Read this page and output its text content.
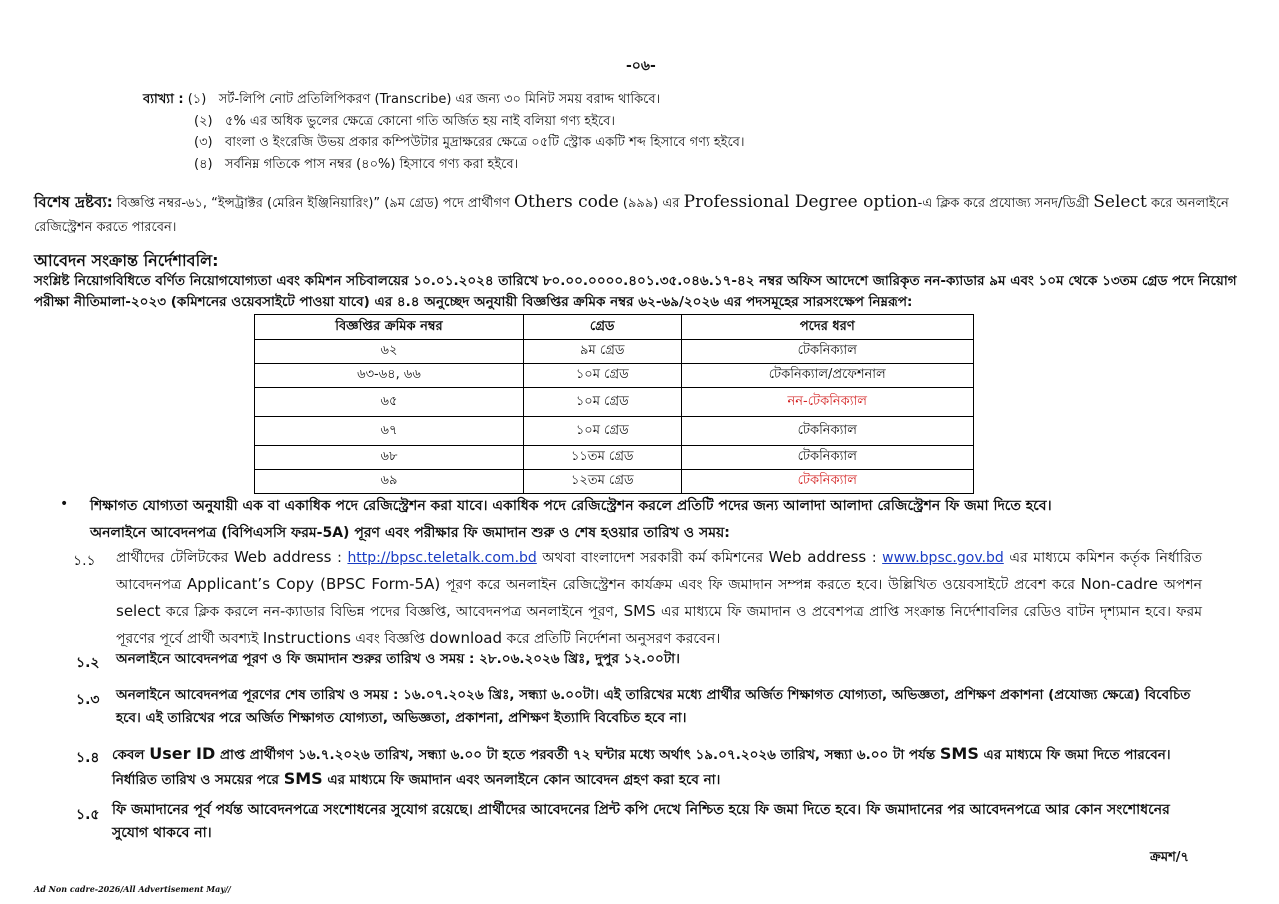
-০৬-
ব্যাখ্যা : (১) সর্ট-লিপি নোট প্রতিলিপিকরণ (Transcribe) এর জন্য ৩০ মিনিট সময় বরাদ্দ থাকিবে।
(২) ৫% এর অধিক ভুলের ক্ষেত্রে কোনো গতি অর্জিত হয় নাই বলিয়া গণ্য হইবে।
(৩) বাংলা ও ইংরেজি উভয় প্রকার কম্পিউটার মুদ্রাক্ষরের ক্ষেত্রে ০৫টি স্ট্রোক একটি শব্দ হিসাবে গণ্য হইবে।
(৪) সর্বনিম্ন গতিকে পাস নম্বর (৪০%) হিসাবে গণ্য করা হইবে।
বিশেষ দ্রষ্টব্য: বিজ্ঞপ্তি নম্বর-৬১, “ইন্সট্রাক্টর (মেরিন ইঞ্জিনিয়ারিং)” (৯ম গ্রেড) পদে প্রার্থীগণ Others code (৯৯৯) এর Professional Degree option-এ ক্লিক করে প্রযোজ্য সনদ/ডিগ্রী Select করে অনলাইনে রেজিস্ট্রেশন করতে পারবেন।
আবেদন সংক্রান্ত নির্দেশাবলি:
সংশ্লিষ্ট নিয়োগবিধিতে বর্ণিত নিয়োগযোগ্যতা এবং কমিশন সচিবালয়ের ১০.০১.২০২৪ তারিখে ৮০.০০.০০০০.৪০১.৩৫.০৪৬.১৭-৪২ নম্বর অফিস আদেশে জারিকৃত নন-ক্যাডার ৯ম এবং ১০ম থেকে ১৩তম গ্রেড পদে নিয়োগ পরীক্ষা নীতিমালা-২০২৩ (কমিশনের ওয়েবসাইটে পাওয়া যাবে) এর ৪.৪ অনুচ্ছেদ অনুযায়ী বিজ্ঞপ্তির ক্রমিক নম্বর ৬২-৬৯/২০২৬ এর পদসমূহের সারসংক্ষেপ নিম্নরূপ:
বিজ্ঞপ্তির ক্রমিক নম্বর	গ্রেড	পদের ধরণ
৬২	৯ম গ্রেড	টেকনিক্যাল
৬৩-৬৪, ৬৬	১০ম গ্রেড	টেকনিক্যাল/প্রফেশনাল
৬৫	১০ম গ্রেড	নন-টেকনিক্যাল
৬৭	১০ম গ্রেড	টেকনিক্যাল
৬৮	১১তম গ্রেড	টেকনিক্যাল
৬৯	১২তম গ্রেড	টেকনিক্যাল
• শিক্ষাগত যোগ্যতা অনুযায়ী এক বা একাধিক পদে রেজিস্ট্রেশন করা যাবে। একাধিক পদে রেজিস্ট্রেশন করলে প্রতিটি পদের জন্য আলাদা আলাদা রেজিস্ট্রেশন ফি জমা দিতে হবে।
অনলাইনে আবেদনপত্র (বিপিএসসি ফরম-5A) পূরণ এবং পরীক্ষার ফি জমাদান শুরু ও শেষ হওয়ার তারিখ ও সময়:
১.১ প্রার্থীদের টেলিটকের Web address : http://bpsc.teletalk.com.bd অথবা বাংলাদেশ সরকারী কর্ম কমিশনের Web address : www.bpsc.gov.bd এর মাধ্যমে কমিশন কর্তৃক নির্ধারিত আবেদনপত্র Applicant’s Copy (BPSC Form-5A) পূরণ করে অনলাইন রেজিস্ট্রেশন কার্যক্রম এবং ফি জমাদান সম্পন্ন করতে হবে। উল্লিখিত ওয়েবসাইটে প্রবেশ করে Non-cadre অপশন select করে ক্লিক করলে নন-ক্যাডার বিভিন্ন পদের বিজ্ঞপ্তি, আবেদনপত্র অনলাইনে পূরণ, SMS এর মাধ্যমে ফি জমাদান ও প্রবেশপত্র প্রাপ্তি সংক্রান্ত নির্দেশাবলির রেডিও বাটন দৃশ্যমান হবে। ফরম পূরণের পূর্বে প্রার্থী অবশ্যই Instructions এবং বিজ্ঞপ্তি download করে প্রতিটি নির্দেশনা অনুসরণ করবেন।
১.২ অনলাইনে আবেদনপত্র পূরণ ও ফি জমাদান শুরুর তারিখ ও সময় : ২৮.০৬.২০২৬ খ্রিঃ, দুপুর ১২.০০টা।
১.৩ অনলাইনে আবেদনপত্র পূরণের শেষ তারিখ ও সময় : ১৬.০৭.২০২৬ খ্রিঃ, সন্ধ্যা ৬.০০টা। এই তারিখের মধ্যে প্রার্থীর অর্জিত শিক্ষাগত যোগ্যতা, অভিজ্ঞতা, প্রশিক্ষণ প্রকাশনা (প্রযোজ্য ক্ষেত্রে) বিবেচিত হবে। এই তারিখের পরে অর্জিত শিক্ষাগত যোগ্যতা, অভিজ্ঞতা, প্রকাশনা, প্রশিক্ষণ ইত্যাদি বিবেচিত হবে না।
১.৪ কেবল User ID প্রাপ্ত প্রার্থীগণ ১৬.৭.২০২৬ তারিখ, সন্ধ্যা ৬.০০ টা হতে পরবর্তী ৭২ ঘন্টার মধ্যে অর্থাৎ ১৯.০৭.২০২৬ তারিখ, সন্ধ্যা ৬.০০ টা পর্যন্ত SMS এর মাধ্যমে ফি জমা দিতে পারবেন। নির্ধারিত তারিখ ও সময়ের পরে SMS এর মাধ্যমে ফি জমাদান এবং অনলাইনে কোন আবেদন গ্রহণ করা হবে না।
১.৫ ফি জমাদানের পূর্ব পর্যন্ত আবেদনপত্রে সংশোধনের সুযোগ রয়েছে। প্রার্থীদের আবেদনের প্রিন্ট কপি দেখে নিশ্চিত হয়ে ফি জমা দিতে হবে। ফি জমাদানের পর আবেদনপত্রে আর কোন সংশোধনের সুযোগ থাকবে না।
ক্রমশ/৭
Ad Non cadre-2026/All Advertisement May//
